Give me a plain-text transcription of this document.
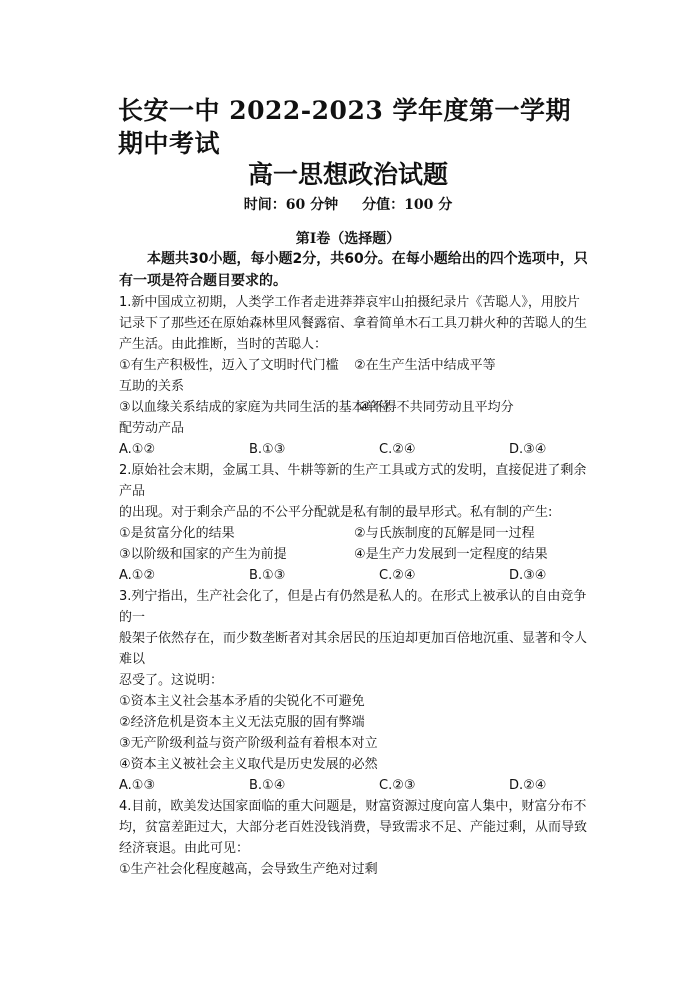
长安一中 2022-2023 学年度第一学期期中考试
高一思想政治试题
时间：60 分钟 分值：100 分
第Ⅰ卷（选择题）
本题共30小题，每小题2分，共60分。在每小题给出的四个选项中，只有一项是符合题目要求的。
1.新中国成立初期，人类学工作者走进莽莽哀牢山拍摄纪录片《苦聪人》，用胶片记录下了那些还在原始森林里风餐露宿、拿着简单木石工具刀耕火种的苦聪人的生产生活。由此推断，当时的苦聪人：
①有生产积极性，迈入了文明时代门槛	②在生产生活中结成平等
互助的关系
③以血缘关系结成的家庭为共同生活的基本单位
④不得不共同劳动且平均分
配劳动产品
A.①②	B.①③	C.②④	D.③④
2.原始社会末期，金属工具、牛耕等新的生产工具或方式的发明，直接促进了剩余产品
的出现。对于剩余产品的不公平分配就是私有制的最早形式。私有制的产生:
①是贫富分化的结果	②与氏族制度的瓦解是同一过程
③以阶级和国家的产生为前提	④是生产力发展到一定程度的结果
A.①②	B.①③	C.②④	D.③④
3.列宁指出，生产社会化了，但是占有仍然是私人的。在形式上被承认的自由竞争的一
般架子依然存在，而少数垄断者对其余居民的压迫却更加百倍地沉重、显著和令人难以
忍受了。这说明：
①资本主义社会基本矛盾的尖锐化不可避免
②经济危机是资本主义无法克服的固有弊端
③无产阶级利益与资产阶级利益有着根本对立
④资本主义被社会主义取代是历史发展的必然
A.①③	B.①④	C.②③	D.②④
4.目前，欧美发达国家面临的重大问题是，财富资源过度向富人集中，财富分布不均，贫富差距过大，大部分老百姓没钱消费，导致需求不足、产能过剩，从而导致经济衰退。由此可见：
①生产社会化程度越高，会导致生产绝对过剩
